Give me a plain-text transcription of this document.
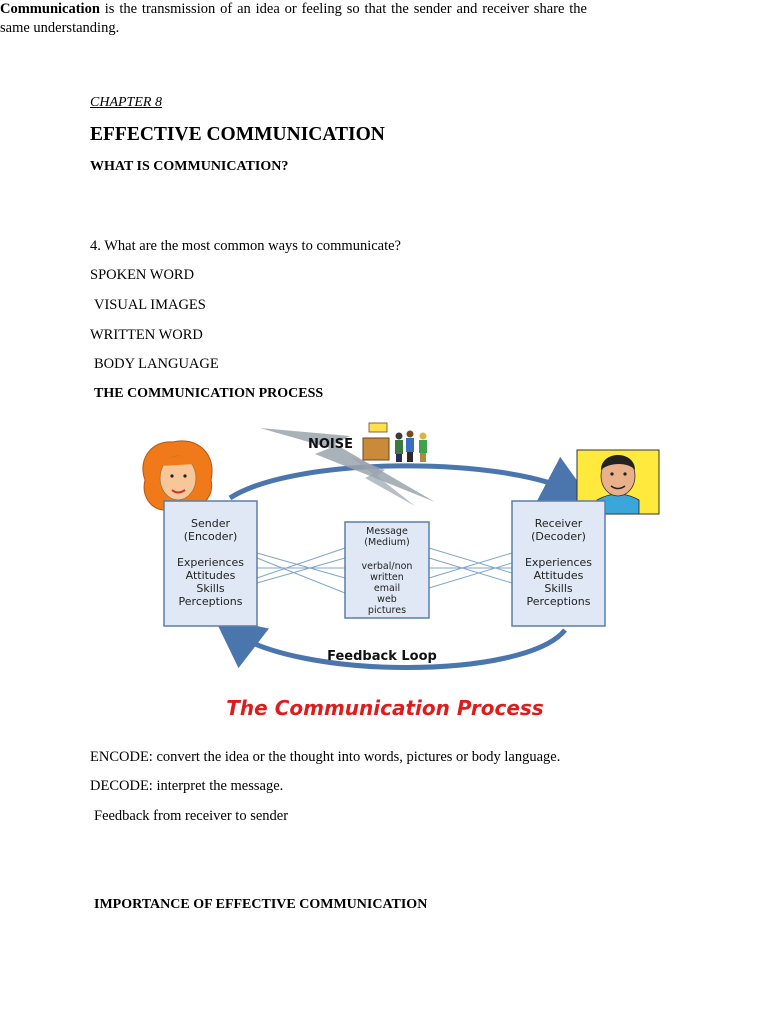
CHAPTER 8
EFFECTIVE COMMUNICATION
WHAT IS COMMUNICATION?
Communication is the transmission of an idea or feeling so that the sender and receiver share the same understanding.
4. What are the most common ways to communicate?
SPOKEN WORD
VISUAL IMAGES
WRITTEN WORD
BODY LANGUAGE
THE COMMUNICATION PROCESS
NOISE
Sender
(Encoder)
Experiences
Attitudes
Skills
Perceptions
Message
(Medium)
verbal/non
written
email
web
pictures
Receiver
(Decoder)
Experiences
Attitudes
Skills
Perceptions
Feedback Loop
The Communication Process
ENCODE: convert the idea or the thought into words, pictures or body language.
DECODE: interpret the message.
Feedback from receiver to sender
IMPORTANCE OF EFFECTIVE COMMUNICATION
